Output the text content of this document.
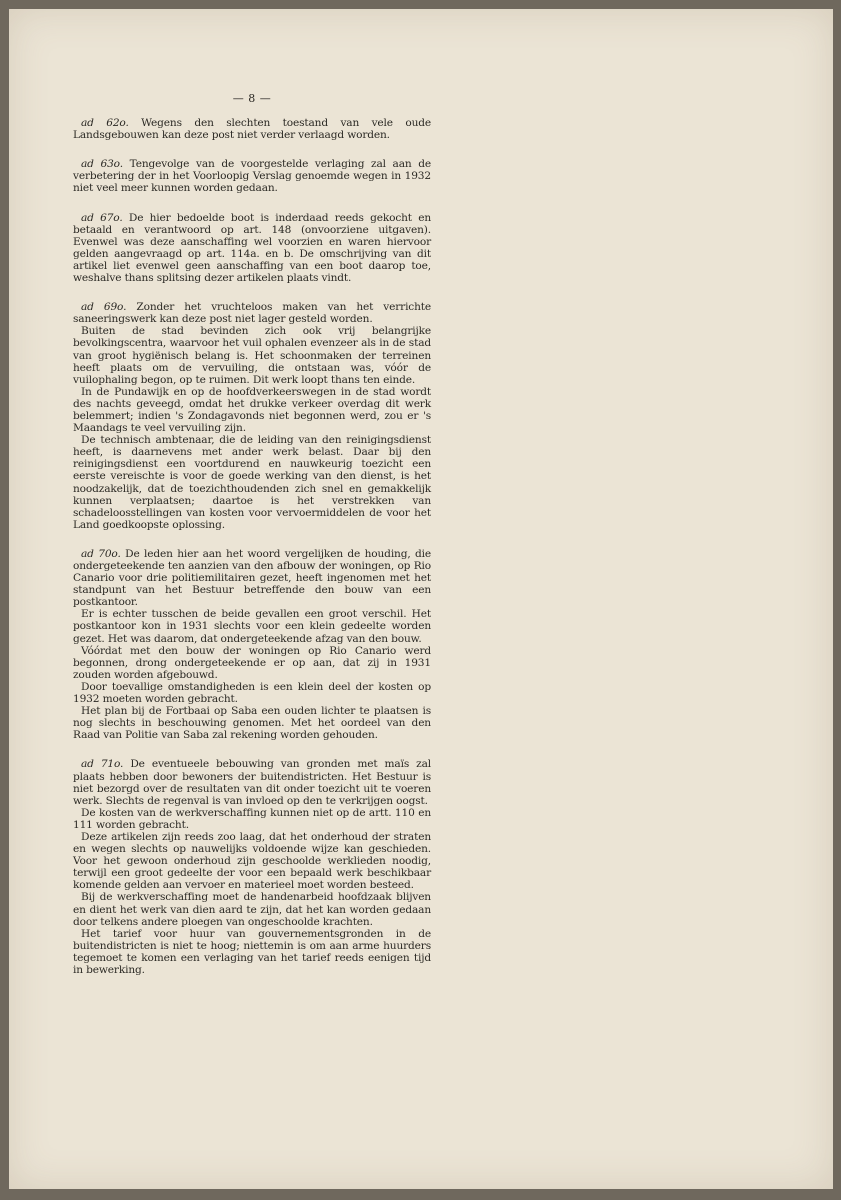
— 8 —

ad 62o. Wegens den slechten toestand van vele oude Landsgebouwen kan deze post niet verder verlaagd worden.

ad 63o. Tengevolge van de voorgestelde verlaging zal aan de verbetering der in het Voorloopig Verslag genoemde wegen in 1932 niet veel meer kunnen worden gedaan.

ad 67o. De hier bedoelde boot is inderdaad reeds gekocht en betaald en verantwoord op art. 148 (onvoorziene uitgaven). Evenwel was deze aanschaffing wel voorzien en waren hiervoor gelden aangevraagd op art. 114a. en b. De omschrijving van dit artikel liet evenwel geen aanschaffing van een boot daarop toe, weshalve thans splitsing dezer artikelen plaats vindt.

ad 69o. Zonder het vruchteloos maken van het verrichte saneeringswerk kan deze post niet lager gesteld worden.

Buiten de stad bevinden zich ook vrij belangrijke bevolkingscentra, waarvoor het vuil ophalen evenzeer als in de stad van groot hygiënisch belang is. Het schoonmaken der terreinen heeft plaats om de vervuiling, die ontstaan was, vóór de vuilophaling begon, op te ruimen. Dit werk loopt thans ten einde.

In de Pundawijk en op de hoofdverkeerswegen in de stad wordt des nachts geveegd, omdat het drukke verkeer overdag dit werk belemmert; indien 's Zondagavonds niet begonnen werd, zou er 's Maandags te veel vervuiling zijn.

De technisch ambtenaar, die de leiding van den reinigingsdienst heeft, is daarnevens met ander werk belast. Daar bij den reinigingsdienst een voortdurend en nauwkeurig toezicht een eerste vereischte is voor de goede werking van den dienst, is het noodzakelijk, dat de toezichthoudenden zich snel en gemakkelijk kunnen verplaatsen; daartoe is het verstrekken van schadeloosstellingen van kosten voor vervoermiddelen de voor het Land goedkoopste oplossing.

ad 70o. De leden hier aan het woord vergelijken de houding, die ondergeteekende ten aanzien van den afbouw der woningen, op Rio Canario voor drie politiemilitairen gezet, heeft ingenomen met het standpunt van het Bestuur betreffende den bouw van een postkantoor.

Er is echter tusschen de beide gevallen een groot verschil. Het postkantoor kon in 1931 slechts voor een klein gedeelte worden gezet. Het was daarom, dat ondergeteekende afzag van den bouw.

Vóórdat met den bouw der woningen op Rio Canario werd begonnen, drong ondergeteekende er op aan, dat zij in 1931 zouden worden afgebouwd.

Door toevallige omstandigheden is een klein deel der kosten op 1932 moeten worden gebracht.

Het plan bij de Fortbaai op Saba een ouden lichter te plaatsen is nog slechts in beschouwing genomen. Met het oordeel van den Raad van Politie van Saba zal rekening worden gehouden.

ad 71o. De eventueele bebouwing van gronden met maïs zal plaats hebben door bewoners der buitendistricten. Het Bestuur is niet bezorgd over de resultaten van dit onder toezicht uit te voeren werk. Slechts de regenval is van invloed op den te verkrijgen oogst.

De kosten van de werkverschaffing kunnen niet op de artt. 110 en 111 worden gebracht.

Deze artikelen zijn reeds zoo laag, dat het onderhoud der straten en wegen slechts op nauwelijks voldoende wijze kan geschieden. Voor het gewoon onderhoud zijn geschoolde werklieden noodig, terwijl een groot gedeelte der voor een bepaald werk beschikbaar komende gelden aan vervoer en materieel moet worden besteed.

Bij de werkverschaffing moet de handenarbeid hoofdzaak blijven en dient het werk van dien aard te zijn, dat het kan worden gedaan door telkens andere ploegen van ongeschoolde krachten.

Het tarief voor huur van gouvernementsgronden in de buitendistricten is niet te hoog; niettemin is om aan arme huurders tegemoet te komen een verlaging van het tarief reeds eenigen tijd in bewerking.
